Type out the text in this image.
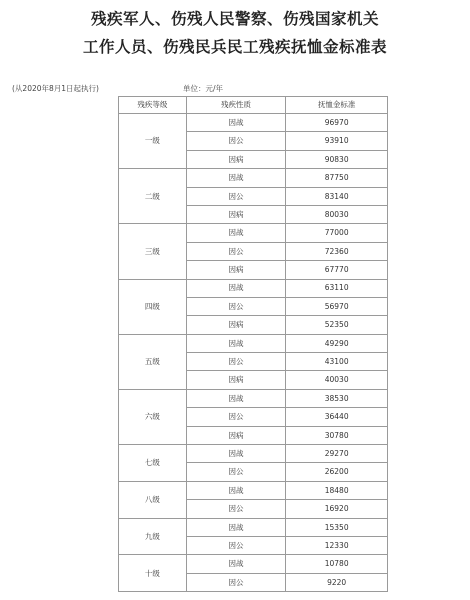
残疾军人、伤残人民警察、伤残国家机关
工作人员、伤残民兵民工残疾抚恤金标准表
(从2020年8月1日起执行)	单位：元/年
残疾等级	残疾性质	抚恤金标准
一级	因战	96970
	因公	93910
	因病	90830
二级	因战	87750
	因公	83140
	因病	80030
三级	因战	77000
	因公	72360
	因病	67770
四级	因战	63110
	因公	56970
	因病	52350
五级	因战	49290
	因公	43100
	因病	40030
六级	因战	38530
	因公	36440
	因病	30780
七级	因战	29270
	因公	26200
八级	因战	18480
	因公	16920
九级	因战	15350
	因公	12330
十级	因战	10780
	因公	9220
